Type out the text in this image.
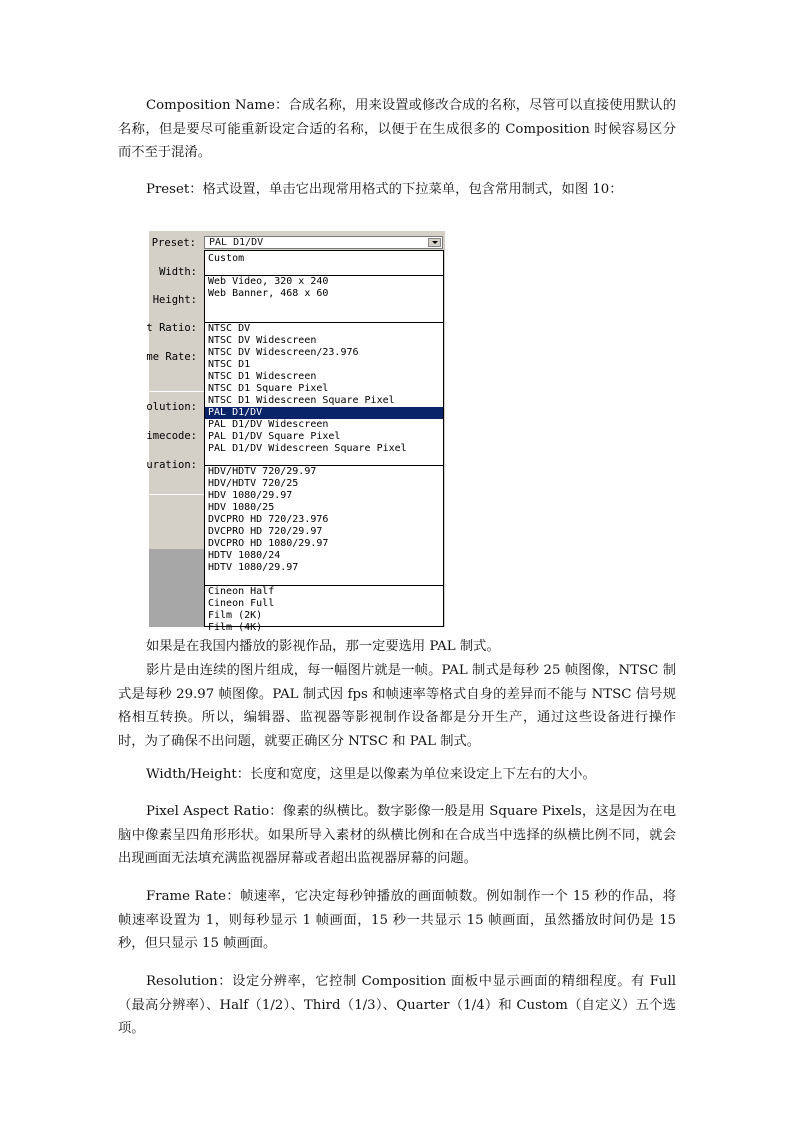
Composition Name：合成名称，用来设置或修改合成的名称，尽管可以直接使用默认的名称，但是要尽可能重新设定合适的名称，以便于在生成很多的 Composition 时候容易区分而不至于混淆。

Preset：格式设置，单击它出现常用格式的下拉菜单，包含常用制式，如图 10：

Preset:
Width:
Height:
t Ratio:
me Rate:
olution:
imecode:
uration:
PAL D1/DV
Custom
Web Video, 320 x 240
Web Banner, 468 x 60
NTSC DV
NTSC DV Widescreen
NTSC DV Widescreen/23.976
NTSC D1
NTSC D1 Widescreen
NTSC D1 Square Pixel
NTSC D1 Widescreen Square Pixel
PAL D1/DV
PAL D1/DV Widescreen
PAL D1/DV Square Pixel
PAL D1/DV Widescreen Square Pixel
HDV/HDTV 720/29.97
HDV/HDTV 720/25
HDV 1080/29.97
HDV 1080/25
DVCPRO HD 720/23.976
DVCPRO HD 720/29.97
DVCPRO HD 1080/29.97
HDTV 1080/24
HDTV 1080/29.97
Cineon Half
Cineon Full
Film (2K)
Film (4K)

如果是在我国内播放的影视作品，那一定要选用 PAL 制式。

影片是由连续的图片组成，每一幅图片就是一帧。PAL 制式是每秒 25 帧图像，NTSC 制式是每秒 29.97 帧图像。PAL 制式因 fps 和帧速率等格式自身的差异而不能与 NTSC 信号规格相互转换。所以，编辑器、监视器等影视制作设备都是分开生产，通过这些设备进行操作时，为了确保不出问题，就要正确区分 NTSC 和 PAL 制式。

Width/Height：长度和宽度，这里是以像素为单位来设定上下左右的大小。

Pixel Aspect Ratio：像素的纵横比。数字影像一般是用 Square Pixels，这是因为在电脑中像素呈四角形形状。如果所导入素材的纵横比例和在合成当中选择的纵横比例不同，就会出现画面无法填充满监视器屏幕或者超出监视器屏幕的问题。

Frame Rate：帧速率，它决定每秒钟播放的画面帧数。例如制作一个 15 秒的作品，将帧速率设置为 1，则每秒显示 1 帧画面，15 秒一共显示 15 帧画面，虽然播放时间仍是 15 秒，但只显示 15 帧画面。

Resolution：设定分辨率，它控制 Composition 面板中显示画面的精细程度。有 Full（最高分辨率）、Half（1/2）、Third（1/3）、Quarter（1/4）和 Custom（自定义）五个选项。
